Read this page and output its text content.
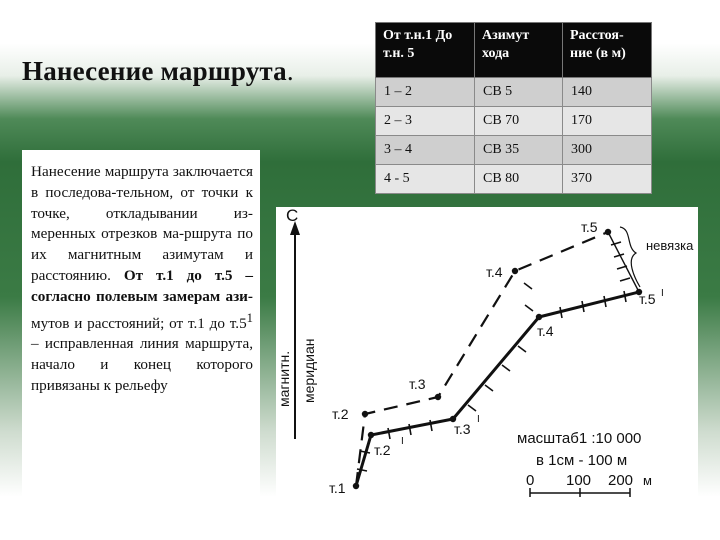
Нанесение маршрута.
Нанесение маршрута заключается в последова-тельном, от точки к точке, откладывании из-меренных отрезков ма-ршрута по их магнитным азимутам и расстоянию. От т.1 до т.5 – согласно полевым замерам ази-мутов и расстояний; от т.1 до $т.5^1$ – исправленная линия маршрута, начало и конец которого привязаны к рельефу
От т.н.1 До т.н. 5	Азимут хода	Расстоя-ние (в м)
1 – 2	СВ 5	140
2 – 3	СВ 70	170
3 – 4	СВ 35	300
4 - 5	СВ 80	370
С
магнитн. меридиан
т.1
т.2
т.2
I
т.3
т.3
I
т.4
т.4
т.5
т.5 I
невязка
масштаб1 :10 000
в 1см - 100 м
0 100 200 м
